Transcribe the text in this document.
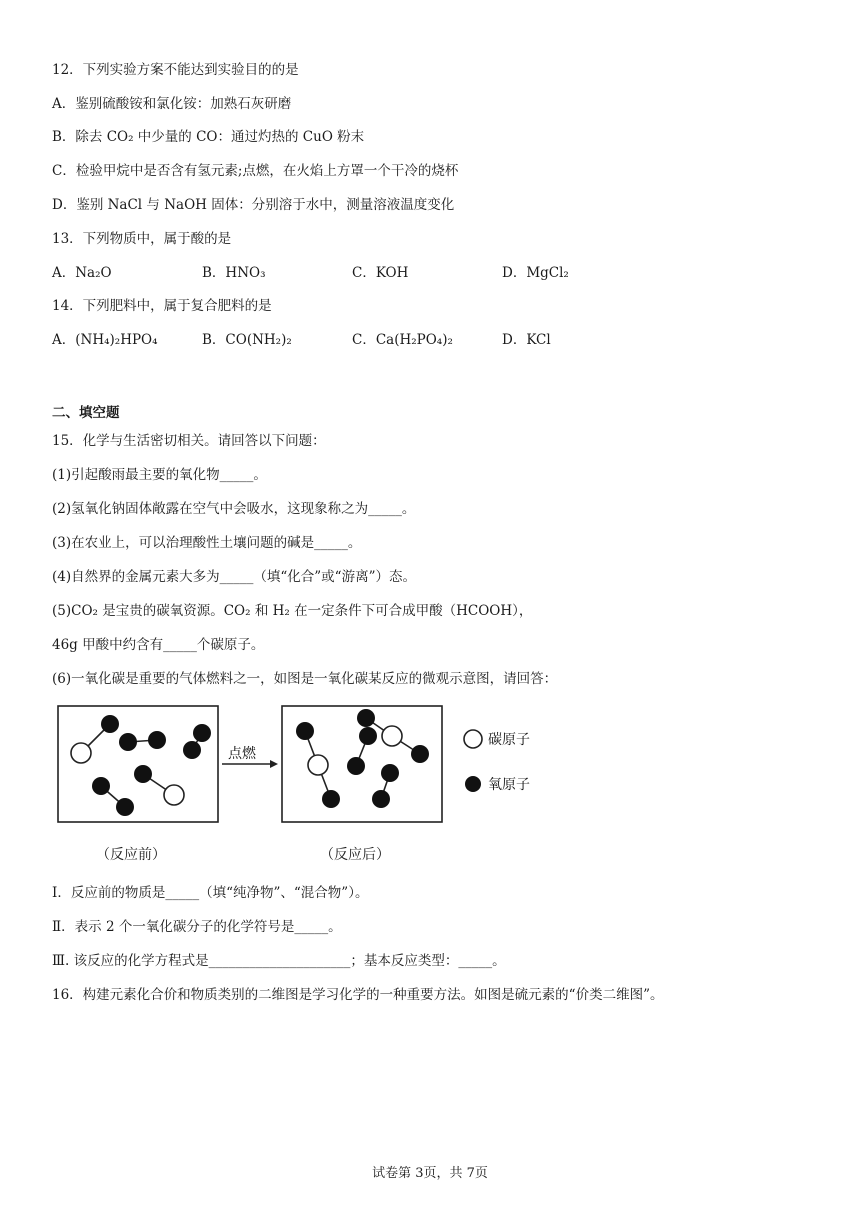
12．下列实验方案不能达到实验目的的是
A．鉴别硫酸铵和氯化铵：加熟石灰研磨
B．除去 CO₂ 中少量的 CO：通过灼热的 CuO 粉末
C．检验甲烷中是否含有氢元素;点燃，在火焰上方罩一个干冷的烧杯
D．鉴别 NaCl 与 NaOH 固体：分别溶于水中，测量溶液温度变化
13．下列物质中，属于酸的是
A．Na₂O	B．HNO₃	C．KOH	D．MgCl₂
14．下列肥料中，属于复合肥料的是
A．(NH₄)₂HPO₄	B．CO(NH₂)₂	C．Ca(H₂PO₄)₂	D．KCl
二、填空题
15．化学与生活密切相关。请回答以下问题：
(1)引起酸雨最主要的氧化物_____。
(2)氢氧化钠固体敞露在空气中会吸水，这现象称之为_____。
(3)在农业上，可以治理酸性土壤问题的碱是_____。
(4)自然界的金属元素大多为_____（填“化合”或“游离”）态。
(5)CO₂ 是宝贵的碳氧资源。CO₂ 和 H₂ 在一定条件下可合成甲酸（HCOOH），
46g 甲酸中约含有_____个碳原子。
(6)一氧化碳是重要的气体燃料之一，如图是一氧化碳某反应的微观示意图，请回答：
点燃
碳原子
氧原子
（反应前）	（反应后）
Ⅰ．反应前的物质是_____（填“纯净物”、“混合物”）。
Ⅱ．表示 2 个一氧化碳分子的化学符号是_____。
Ⅲ. 该反应的化学方程式是_____________________；基本反应类型：_____。
16．构建元素化合价和物质类别的二维图是学习化学的一种重要方法。如图是硫元素的“价类二维图”。
试卷第 3页，共 7页
